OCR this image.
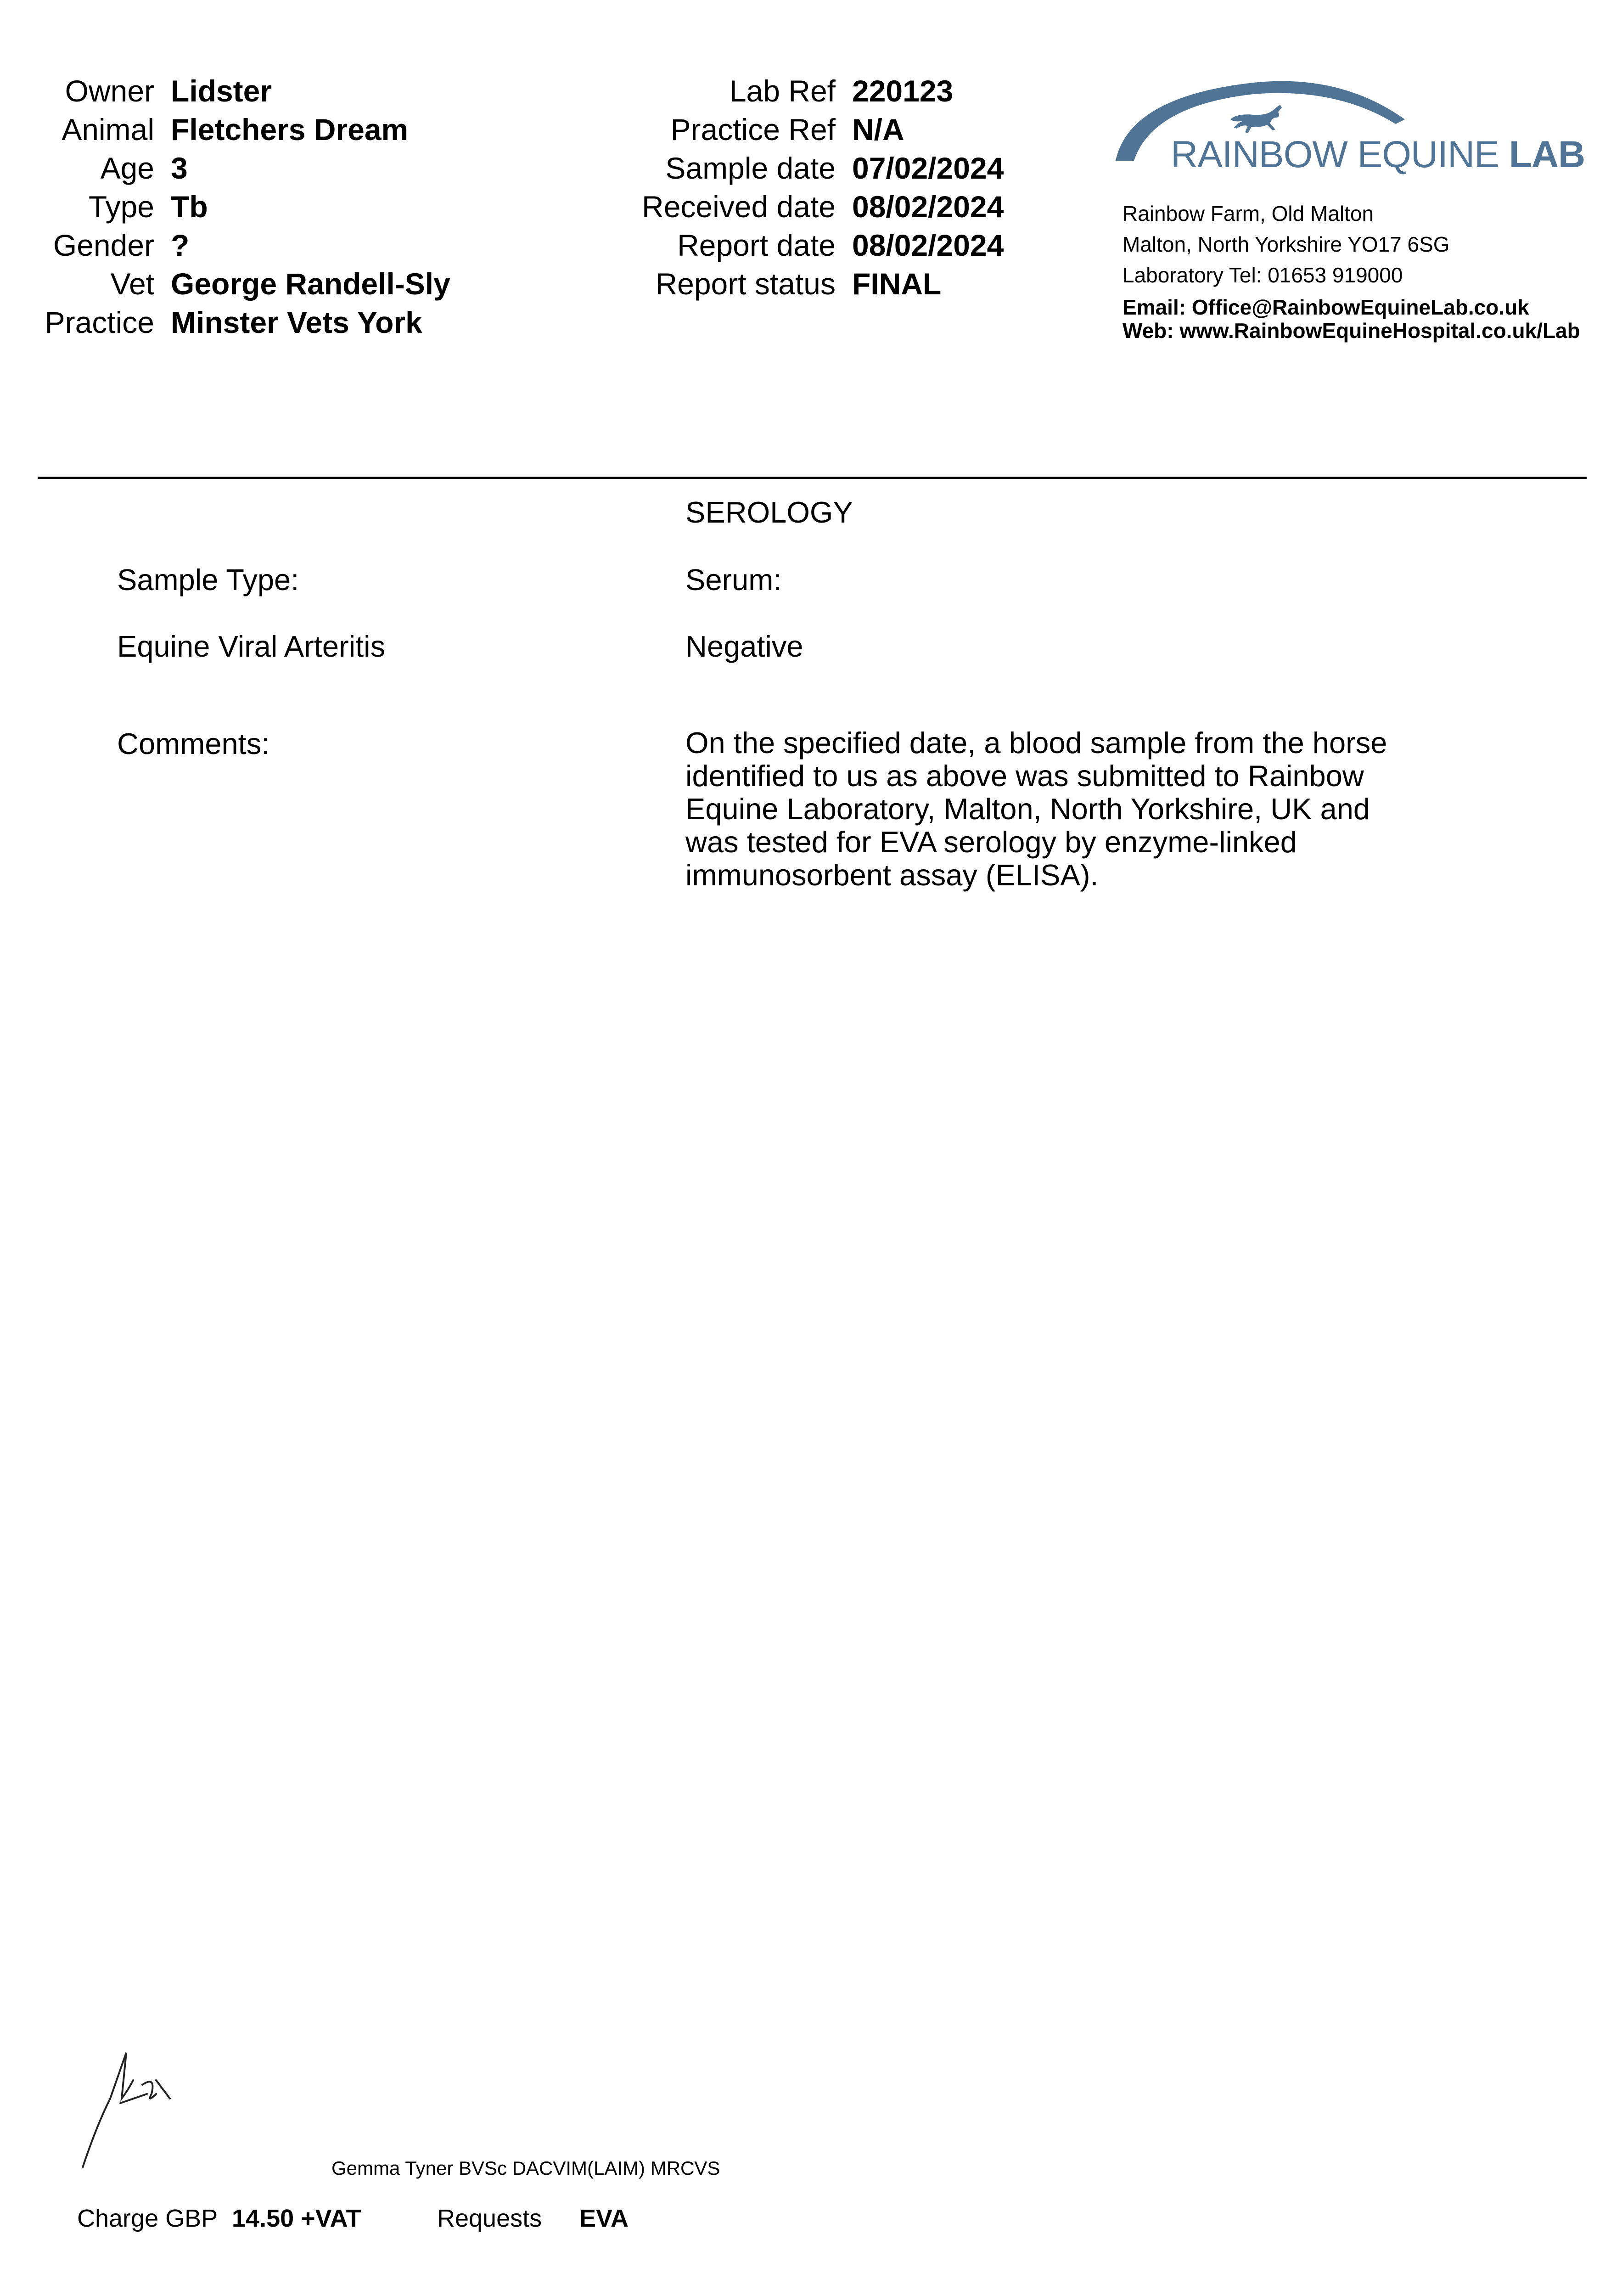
Owner Lidster
Animal Fletchers Dream
Age 3
Type Tb
Gender ?
Vet George Randell-Sly
Practice Minster Vets York
Lab Ref 220123
Practice Ref N/A
Sample date 07/02/2024
Received date 08/02/2024
Report date 08/02/2024
Report status FINAL
RAINBOW EQUINE LAB
Rainbow Farm, Old Malton
Malton, North Yorkshire YO17 6SG
Laboratory Tel: 01653 919000
Email: Office@RainbowEquineLab.co.uk
Web: www.RainbowEquineHospital.co.uk/Lab
SEROLOGY
Sample Type:	Serum:
Equine Viral Arteritis	Negative
Comments:	On the specified date, a blood sample from the horse identified to us as above was submitted to Rainbow Equine Laboratory, Malton, North Yorkshire, UK and was tested for EVA serology by enzyme-linked immunosorbent assay (ELISA).
Gemma Tyner BVSc DACVIM(LAIM) MRCVS
Charge GBP 14.50 +VAT	Requests EVA
